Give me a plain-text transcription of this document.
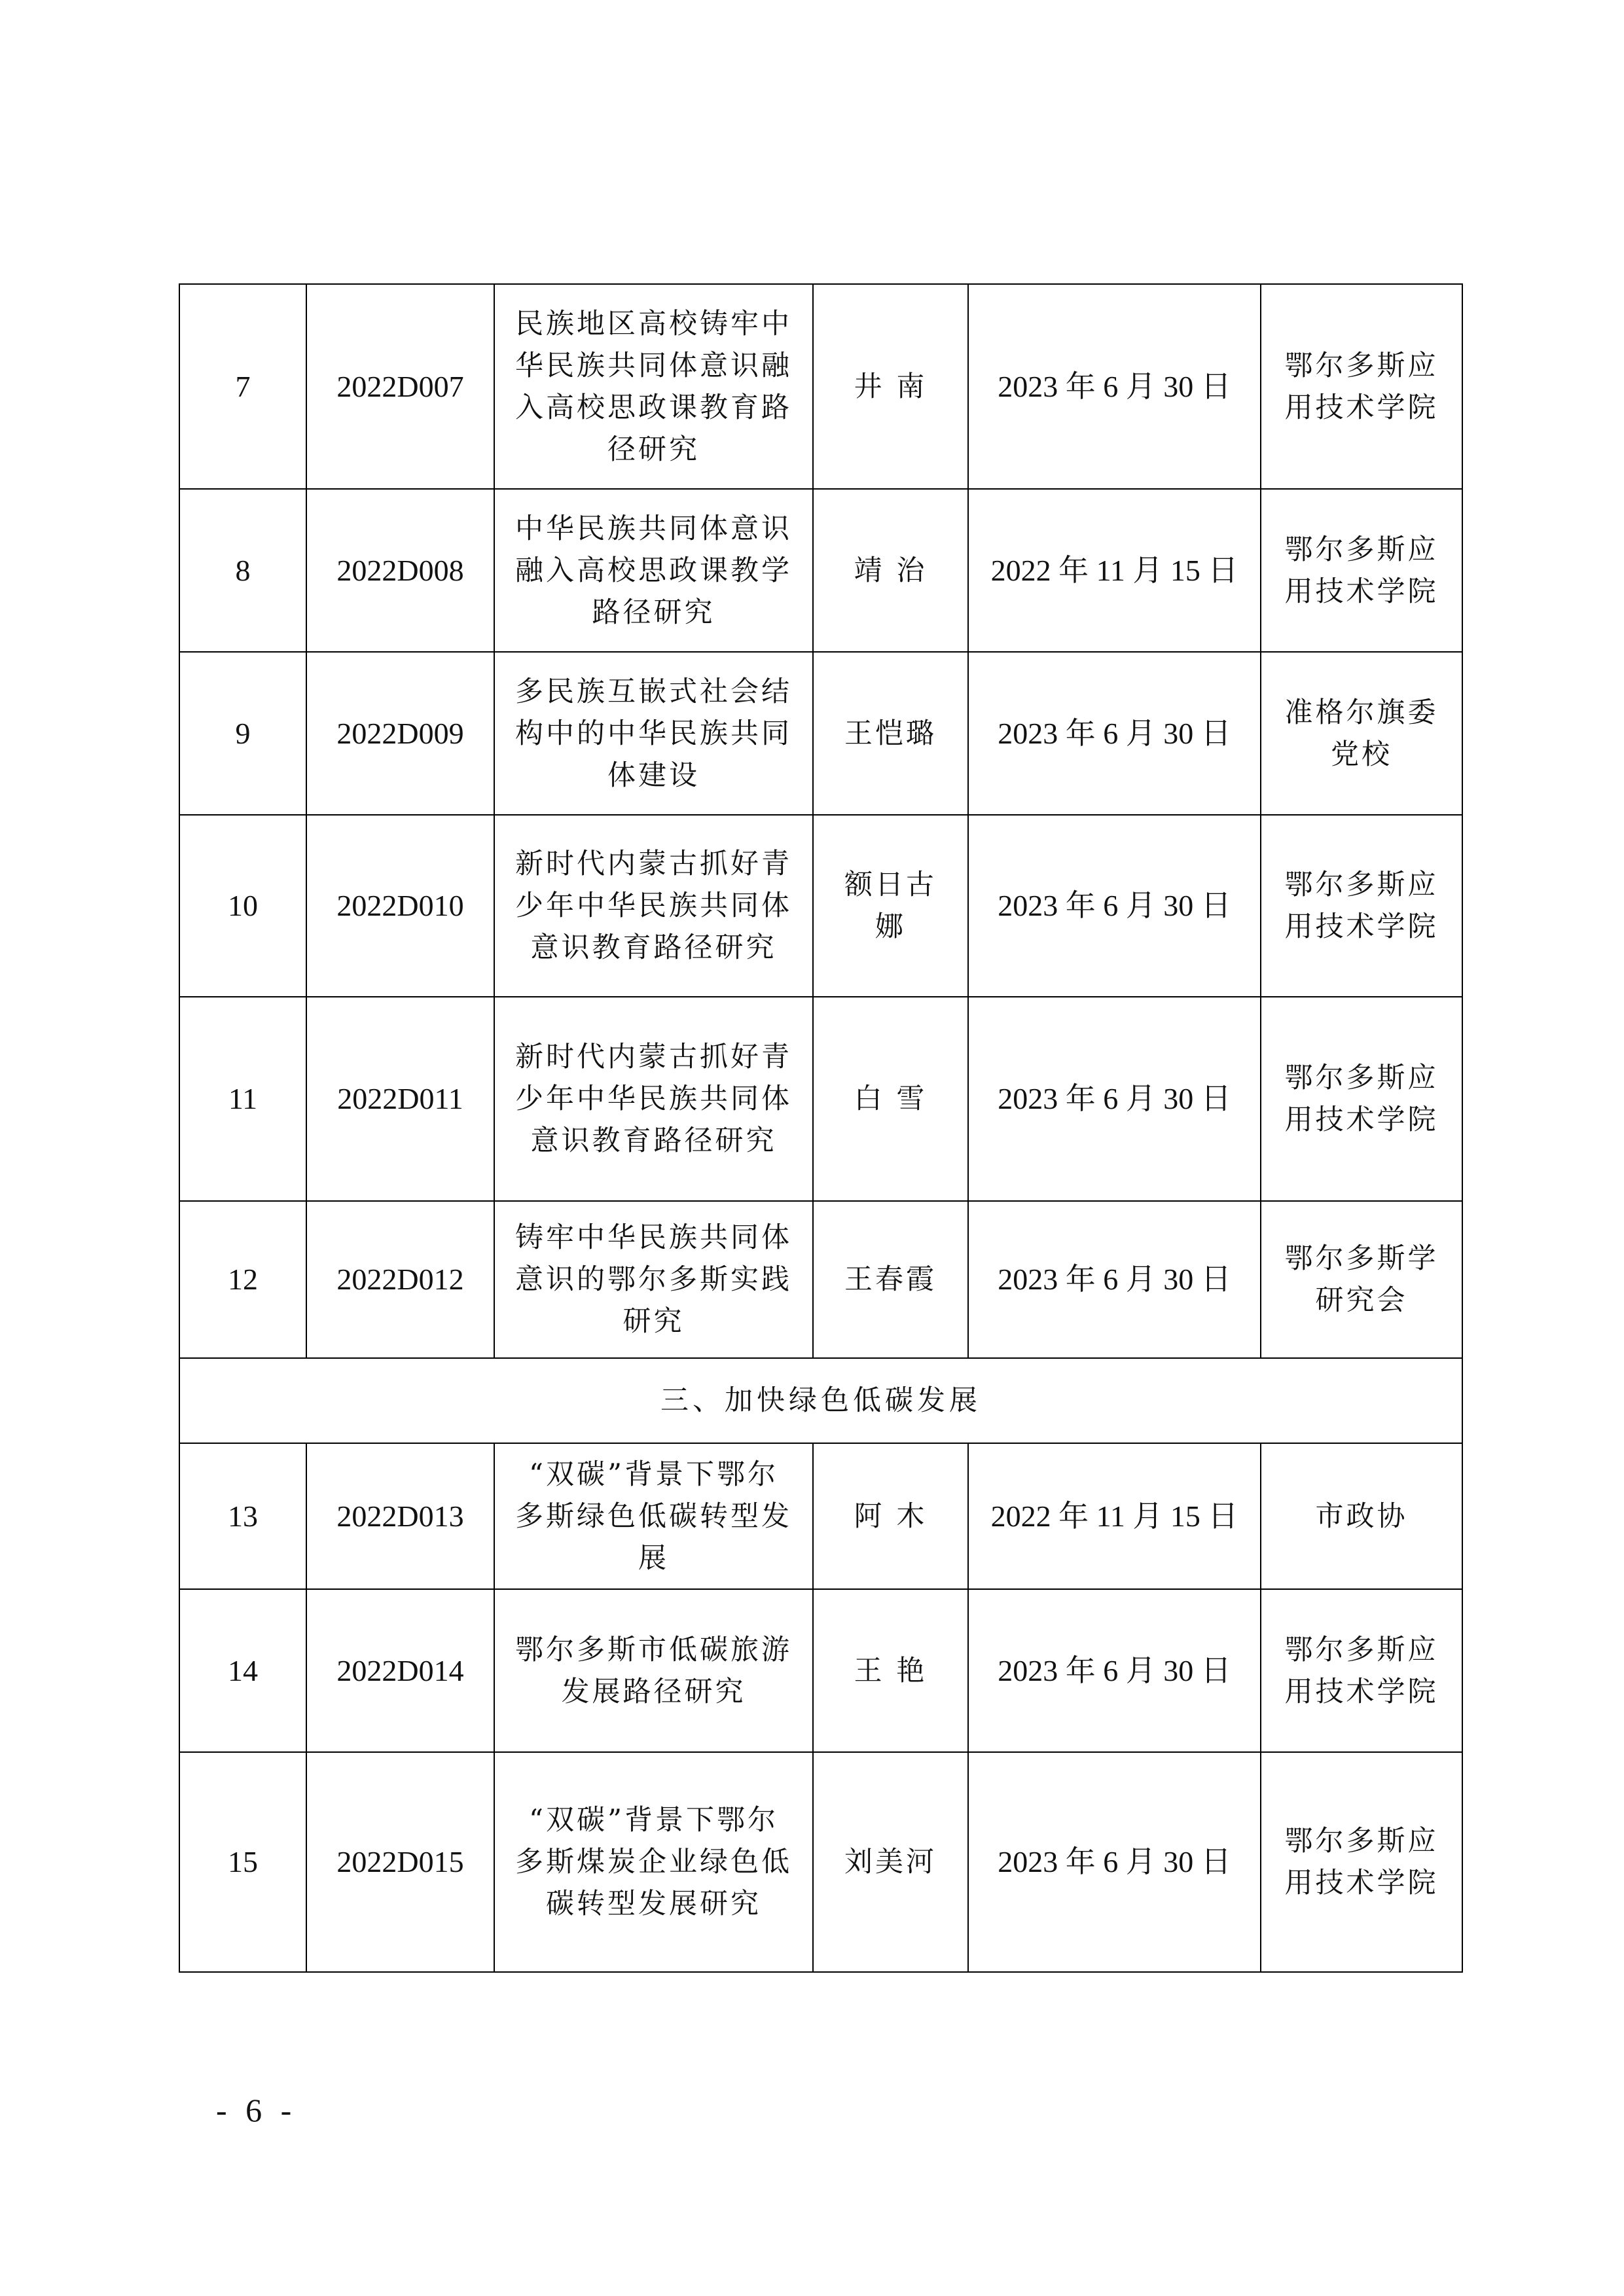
7	2022D007	民族地区高校铸牢中华民族共同体意识融入高校思政课教育路径研究	井 南	2023 年 6 月 30 日	鄂尔多斯应用技术学院
8	2022D008	中华民族共同体意识融入高校思政课教学路径研究	靖 治	2022 年 11 月 15 日	鄂尔多斯应用技术学院
9	2022D009	多民族互嵌式社会结构中的中华民族共同体建设	王恺璐	2023 年 6 月 30 日	准格尔旗委党校
10	2022D010	新时代内蒙古抓好青少年中华民族共同体意识教育路径研究	额日古娜	2023 年 6 月 30 日	鄂尔多斯应用技术学院
11	2022D011	新时代内蒙古抓好青少年中华民族共同体意识教育路径研究	白 雪	2023 年 6 月 30 日	鄂尔多斯应用技术学院
12	2022D012	铸牢中华民族共同体意识的鄂尔多斯实践研究	王春霞	2023 年 6 月 30 日	鄂尔多斯学研究会
三、加快绿色低碳发展					
13	2022D013	“双碳”背景下鄂尔多斯绿色低碳转型发展	阿 木	2022 年 11 月 15 日	市政协
14	2022D014	鄂尔多斯市低碳旅游发展路径研究	王 艳	2023 年 6 月 30 日	鄂尔多斯应用技术学院
15	2022D015	“双碳”背景下鄂尔多斯煤炭企业绿色低碳转型发展研究	刘美河	2023 年 6 月 30 日	鄂尔多斯应用技术学院
- 6 -
